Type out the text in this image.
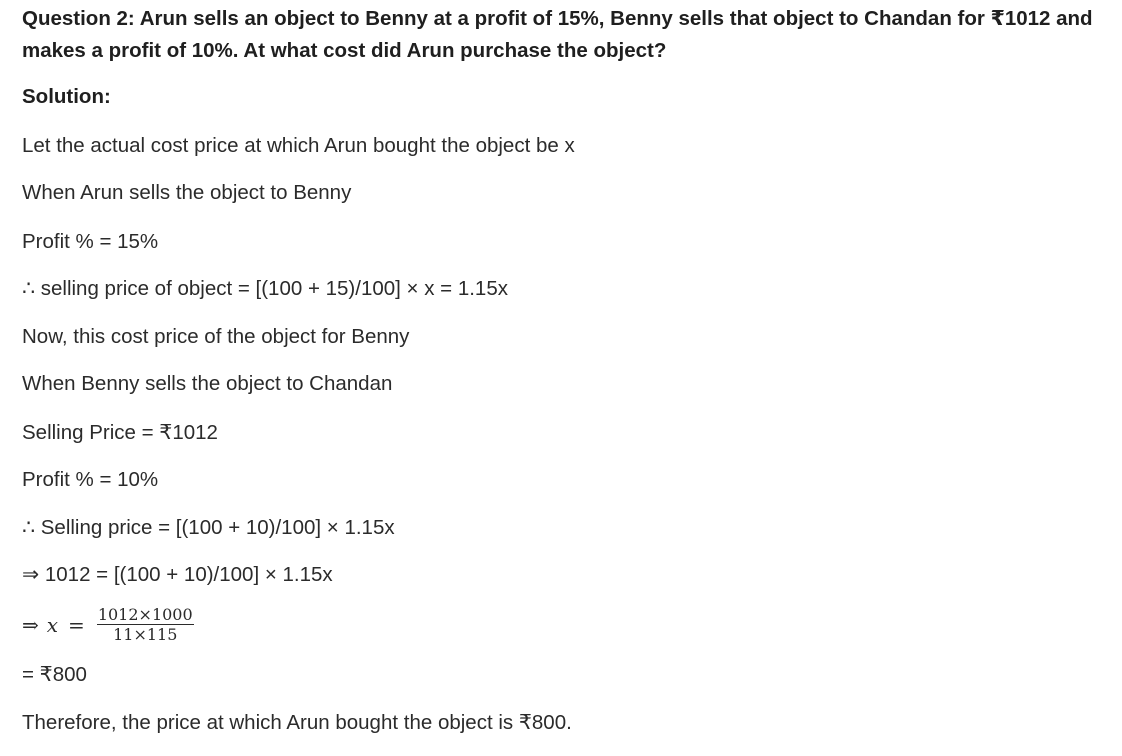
Question 2: Arun sells an object to Benny at a profit of 15%, Benny sells that object to Chandan for ₹1012 and makes a profit of 10%. At what cost did Arun purchase the object?

Solution:

Let the actual cost price at which Arun bought the object be x

When Arun sells the object to Benny

Profit % = 15%

∴ selling price of object = [(100 + 15)/100] × x = 1.15x

Now, this cost price of the object for Benny

When Benny sells the object to Chandan

Selling Price = ₹1012

Profit % = 10%

∴ Selling price = [(100 + 10)/100] × 1.15x

⇒ 1012 = [(100 + 10)/100] × 1.15x

⇒ $x = \frac{1012\times 1000}{11\times 115}$

= ₹800

Therefore, the price at which Arun bought the object is ₹800.
